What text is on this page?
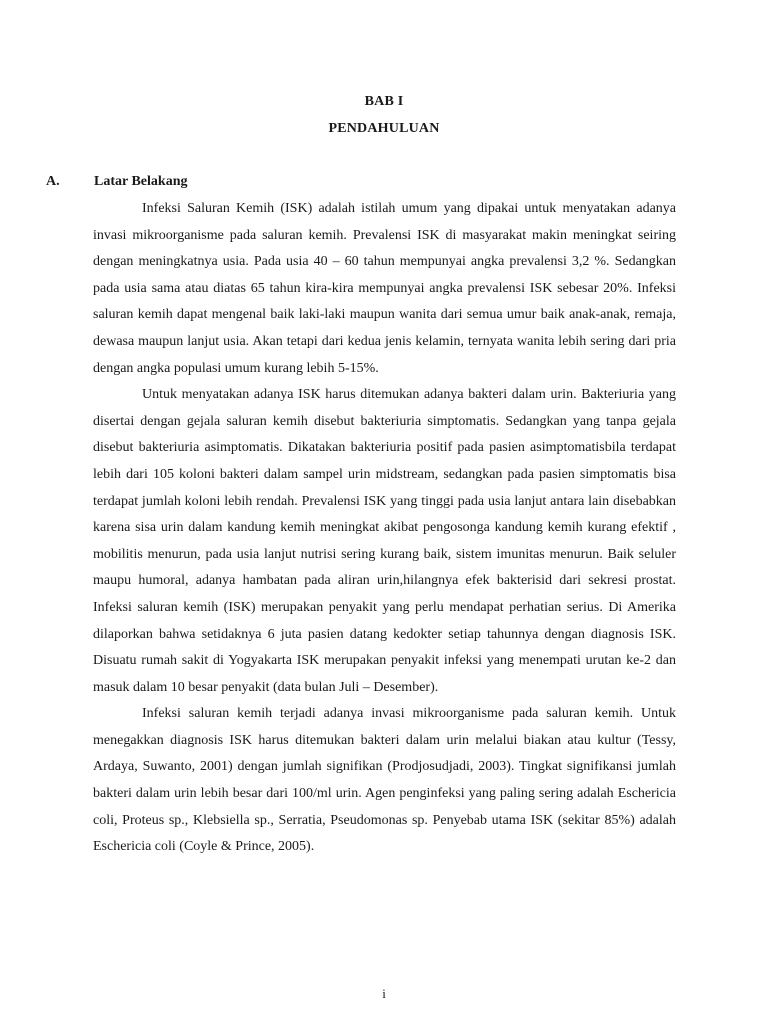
BAB I
PENDAHULUAN
A. Latar Belakang

Infeksi Saluran Kemih (ISK) adalah istilah umum yang dipakai untuk menyatakan adanya invasi mikroorganisme pada saluran kemih. Prevalensi ISK di masyarakat makin meningkat seiring dengan meningkatnya usia. Pada usia 40 – 60 tahun mempunyai angka prevalensi 3,2 %. Sedangkan pada usia sama atau diatas 65 tahun kira-kira mempunyai angka prevalensi ISK sebesar 20%. Infeksi saluran kemih dapat mengenal baik laki-laki maupun wanita dari semua umur baik anak-anak, remaja, dewasa maupun lanjut usia. Akan tetapi dari kedua jenis kelamin, ternyata wanita lebih sering dari pria dengan angka populasi umum kurang lebih 5-15%.

Untuk menyatakan adanya ISK harus ditemukan adanya bakteri dalam urin. Bakteriuria yang disertai dengan gejala saluran kemih disebut bakteriuria simptomatis. Sedangkan yang tanpa gejala disebut bakteriuria asimptomatis. Dikatakan bakteriuria positif pada pasien asimptomatisbila terdapat lebih dari 105 koloni bakteri dalam sampel urin midstream, sedangkan pada pasien simptomatis bisa terdapat jumlah koloni lebih rendah. Prevalensi ISK yang tinggi pada usia lanjut antara lain disebabkan karena sisa urin dalam kandung kemih meningkat akibat pengosonga kandung kemih kurang efektif , mobilitis menurun, pada usia lanjut nutrisi sering kurang baik, sistem imunitas menurun. Baik seluler maupu humoral, adanya hambatan pada aliran urin,hilangnya efek bakterisid dari sekresi prostat. Infeksi saluran kemih (ISK) merupakan penyakit yang perlu mendapat perhatian serius. Di Amerika dilaporkan bahwa setidaknya 6 juta pasien datang kedokter setiap tahunnya dengan diagnosis ISK. Disuatu rumah sakit di Yogyakarta ISK merupakan penyakit infeksi yang menempati urutan ke-2 dan masuk dalam 10 besar penyakit (data bulan Juli – Desember).

Infeksi saluran kemih terjadi adanya invasi mikroorganisme pada saluran kemih. Untuk menegakkan diagnosis ISK harus ditemukan bakteri dalam urin melalui biakan atau kultur (Tessy, Ardaya, Suwanto, 2001) dengan jumlah signifikan (Prodjosudjadi, 2003). Tingkat signifikansi jumlah bakteri dalam urin lebih besar dari 100/ml urin. Agen penginfeksi yang paling sering adalah Eschericia coli, Proteus sp., Klebsiella sp., Serratia, Pseudomonas sp. Penyebab utama ISK (sekitar 85%) adalah Eschericia coli (Coyle & Prince, 2005).

i
